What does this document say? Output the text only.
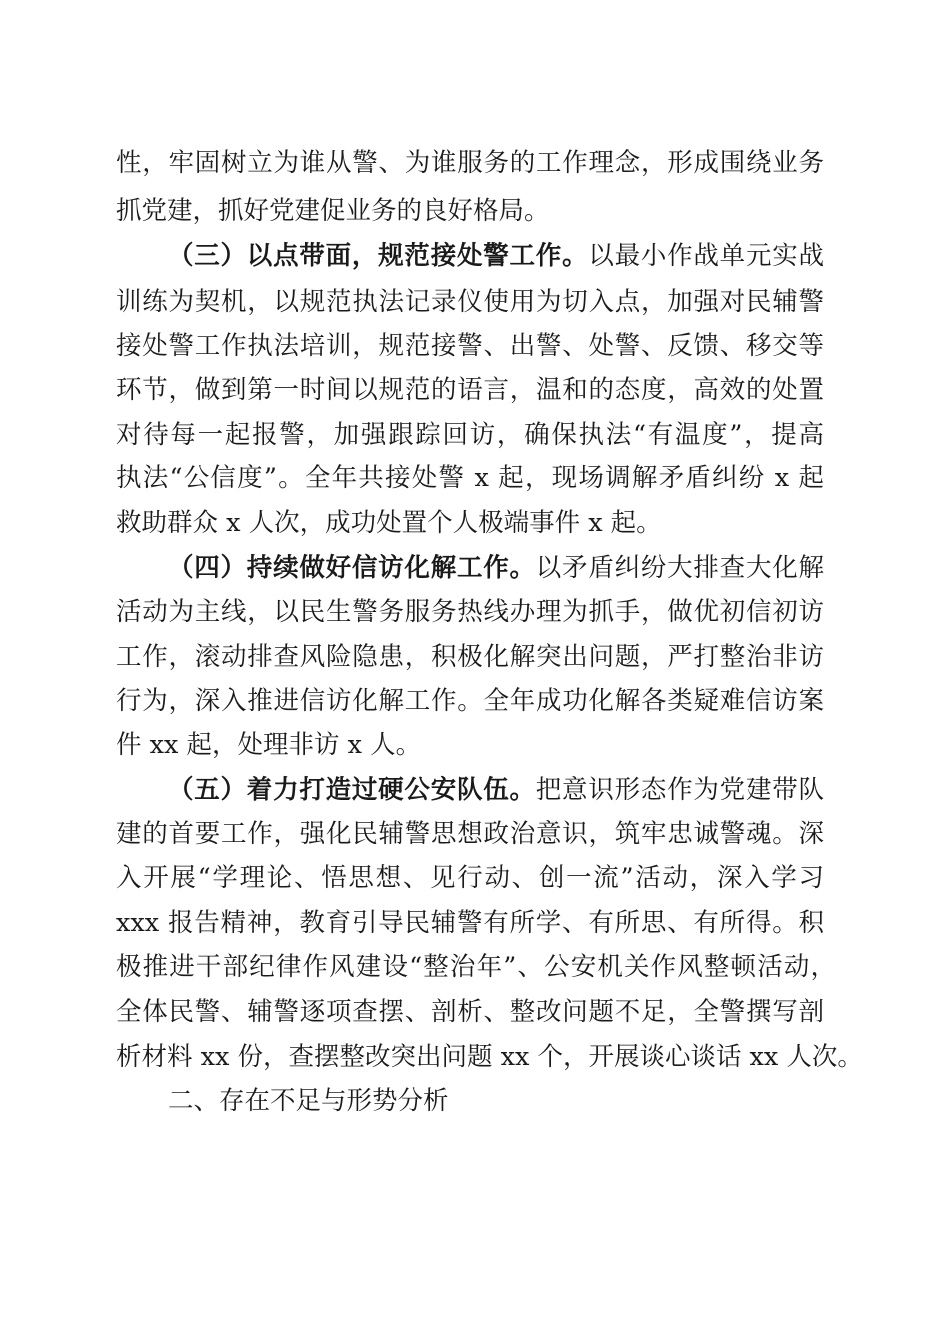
性，牢固树立为谁从警、为谁服务的工作理念，形成围绕业务
抓党建，抓好党建促业务的良好格局。
（三）以点带面，规范接处警工作。以最小作战单元实战
训练为契机，以规范执法记录仪使用为切入点，加强对民辅警
接处警工作执法培训，规范接警、出警、处警、反馈、移交等
环节，做到第一时间以规范的语言，温和的态度，高效的处置
对待每一起报警，加强跟踪回访，确保执法“有温度”，提高
执法“公信度”。全年共接处警 x 起，现场调解矛盾纠纷 x 起
救助群众 x 人次，成功处置个人极端事件 x 起。
（四）持续做好信访化解工作。以矛盾纠纷大排查大化解
活动为主线，以民生警务服务热线办理为抓手，做优初信初访
工作，滚动排查风险隐患，积极化解突出问题，严打整治非访
行为，深入推进信访化解工作。全年成功化解各类疑难信访案
件 xx 起，处理非访 x 人。
（五）着力打造过硬公安队伍。把意识形态作为党建带队
建的首要工作，强化民辅警思想政治意识，筑牢忠诚警魂。深
入开展“学理论、悟思想、见行动、创一流”活动，深入学习
xxx 报告精神，教育引导民辅警有所学、有所思、有所得。积
极推进干部纪律作风建设“整治年”、公安机关作风整顿活动，
全体民警、辅警逐项查摆、剖析、整改问题不足，全警撰写剖
析材料 xx 份，查摆整改突出问题 xx 个，开展谈心谈话 xx 人次。
二、存在不足与形势分析
